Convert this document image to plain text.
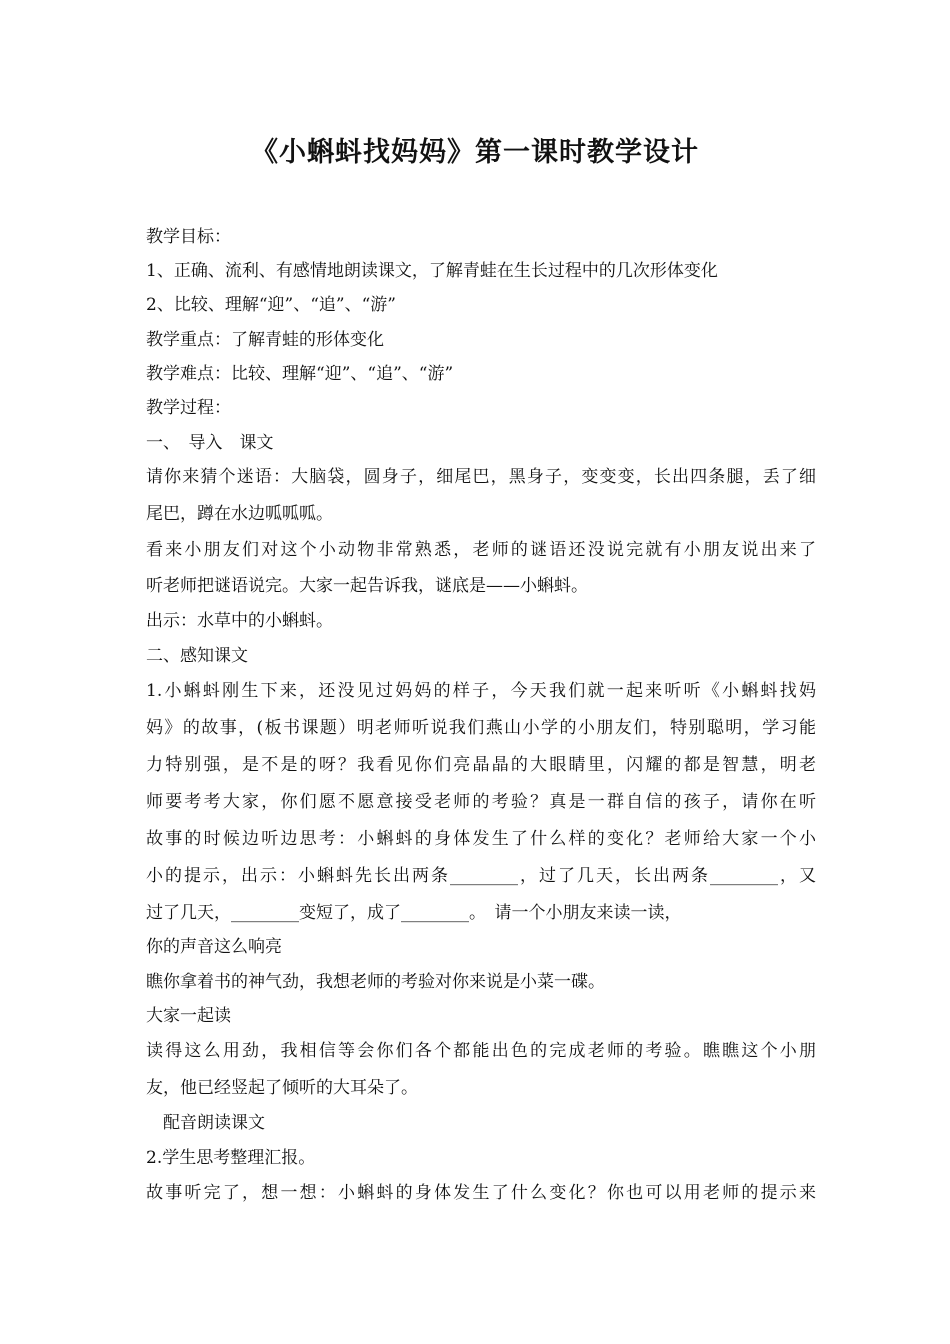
《小蝌蚪找妈妈》第一课时教学设计
教学目标：
1、正确、流利、有感情地朗读课文，了解青蛙在生长过程中的几次形体变化
2、比较、理解“迎”、“追”、“游”
教学重点：了解青蛙的形体变化
教学难点：比较、理解“迎”、“追”、“游”
教学过程：
一、　导入　课文
请你来猜个迷语：大脑袋，圆身子，细尾巴，黑身子，变变变，长出四条腿，丢了细
尾巴，蹲在水边呱呱呱。
看来小朋友们对这个小动物非常熟悉，老师的谜语还没说完就有小朋友说出来了
听老师把谜语说完。大家一起告诉我，谜底是——小蝌蚪。
出示：水草中的小蝌蚪。
二、感知课文
1.小蝌蚪刚生下来，还没见过妈妈的样子，今天我们就一起来听听《小蝌蚪找妈
妈》的故事，(板书课题）明老师听说我们燕山小学的小朋友们，特别聪明，学习能
力特别强，是不是的呀？我看见你们亮晶晶的大眼睛里，闪耀的都是智慧，明老
师要考考大家，你们愿不愿意接受老师的考验？真是一群自信的孩子，请你在听
故事的时候边听边思考：小蝌蚪的身体发生了什么样的变化？老师给大家一个小
小的提示，出示：小蝌蚪先长出两条________，过了几天，长出两条________，又
过了几天，________变短了，成了________。　请一个小朋友来读一读，
你的声音这么响亮
瞧你拿着书的神气劲，我想老师的考验对你来说是小菜一碟。
大家一起读
读得这么用劲，我相信等会你们各个都能出色的完成老师的考验。瞧瞧这个小朋
友，他已经竖起了倾听的大耳朵了。
　配音朗读课文
2.学生思考整理汇报。
故事听完了，想一想：小蝌蚪的身体发生了什么变化？你也可以用老师的提示来
